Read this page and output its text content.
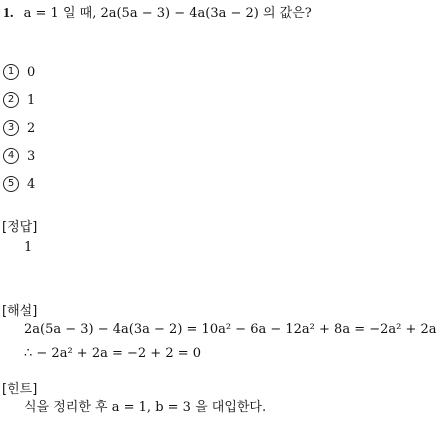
1. a = 1 일 때, 2a(5a − 3) − 4a(3a − 2) 의 값은?
1 0
2 1
3 2
4 3
5 4
[정답]
1
[해설]
2a(5a − 3) − 4a(3a − 2) = 10a² − 6a − 12a² + 8a = −2a² + 2a
∴ − 2a² + 2a = −2 + 2 = 0
[힌트]
식을 정리한 후 a = 1, b = 3 을 대입한다.
